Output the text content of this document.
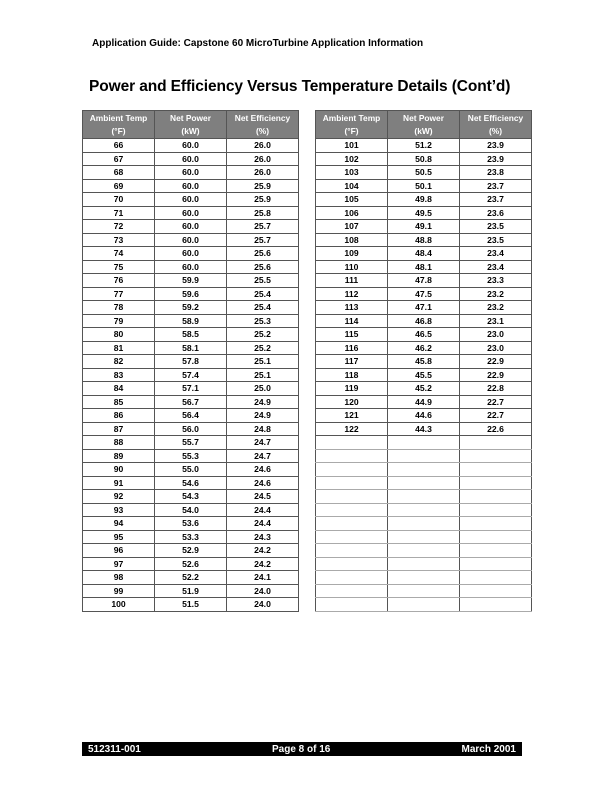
Application Guide: Capstone 60 MicroTurbine Application Information
Power and Efficiency Versus Temperature Details (Cont’d)
Ambient Temp	Net Power	Net Efficiency
(°F)	(kW)	(%)
66	60.0	26.0
67	60.0	26.0
68	60.0	26.0
69	60.0	25.9
70	60.0	25.9
71	60.0	25.8
72	60.0	25.7
73	60.0	25.7
74	60.0	25.6
75	60.0	25.6
76	59.9	25.5
77	59.6	25.4
78	59.2	25.4
79	58.9	25.3
80	58.5	25.2
81	58.1	25.2
82	57.8	25.1
83	57.4	25.1
84	57.1	25.0
85	56.7	24.9
86	56.4	24.9
87	56.0	24.8
88	55.7	24.7
89	55.3	24.7
90	55.0	24.6
91	54.6	24.6
92	54.3	24.5
93	54.0	24.4
94	53.6	24.4
95	53.3	24.3
96	52.9	24.2
97	52.6	24.2
98	52.2	24.1
99	51.9	24.0
100	51.5	24.0
Ambient Temp	Net Power	Net Efficiency
(°F)	(kW)	(%)
101	51.2	23.9
102	50.8	23.9
103	50.5	23.8
104	50.1	23.7
105	49.8	23.7
106	49.5	23.6
107	49.1	23.5
108	48.8	23.5
109	48.4	23.4
110	48.1	23.4
111	47.8	23.3
112	47.5	23.2
113	47.1	23.2
114	46.8	23.1
115	46.5	23.0
116	46.2	23.0
117	45.8	22.9
118	45.5	22.9
119	45.2	22.8
120	44.9	22.7
121	44.6	22.7
122	44.3	22.6

512311-001	Page 8 of 16	March 2001
